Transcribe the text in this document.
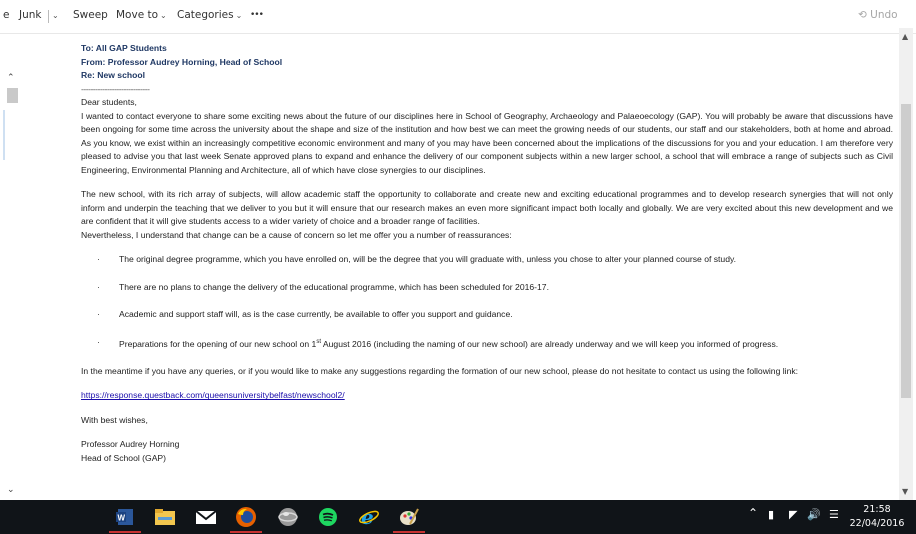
e Junk ⌄ Sweep Move to ⌄ Categories ⌄ •••	⟲ Undo
⌃
⌄
▲
▼
To: All GAP Students
From: Professor Audrey Horning, Head of School
Re: New school
-----------------------------
Dear students,

I wanted to contact everyone to share some exciting news about the future of our disciplines here in School of Geography, Archaeology and Palaeoecology (GAP). You will probably be aware that discussions have been ongoing for some time across the university about the shape and size of the institution and how best we can meet the growing needs of our students, our staff and our stakeholders, both at home and abroad. As you know, we exist within an increasingly competitive economic environment and many of you may have been concerned about the implications of the discussions for you and your education. I am therefore very pleased to advise you that last week Senate approved plans to expand and enhance the delivery of our component subjects within a new larger school, a school that will embrace a range of subjects such as Civil Engineering, Environmental Planning and Architecture, all of which have close synergies to our disciplines.

The new school, with its rich array of subjects, will allow academic staff the opportunity to collaborate and create new and exciting educational programmes and to develop research synergies that will not only inform and underpin the teaching that we deliver to you but it will ensure that our research makes an even more significant impact both locally and globally. We are very excited about this new development and we are confident that it will give students access to a wider variety of choice and a broader range of facilities.

Nevertheless, I understand that change can be a cause of concern so let me offer you a number of reassurances:

· The original degree programme, which you have enrolled on, will be the degree that you will graduate with, unless you chose to alter your planned course of study.
· There are no plans to change the delivery of the educational programme, which has been scheduled for 2016-17.
· Academic and support staff will, as is the case currently, be available to offer you support and guidance.
· Preparations for the opening of our new school on 1st August 2016 (including the naming of our new school) are already underway and we will keep you informed of progress.

In the meantime if you have any queries, or if you would like to make any suggestions regarding the formation of our new school, please do not hesitate to contact us using the following link:

https://response.questback.com/queensuniversitybelfast/newschool2/
With best wishes,
Professor Audrey Horning
Head of School (GAP)
W	e	⌃ ▮ ◤ 🔊 ☰	21:58
22/04/2016
